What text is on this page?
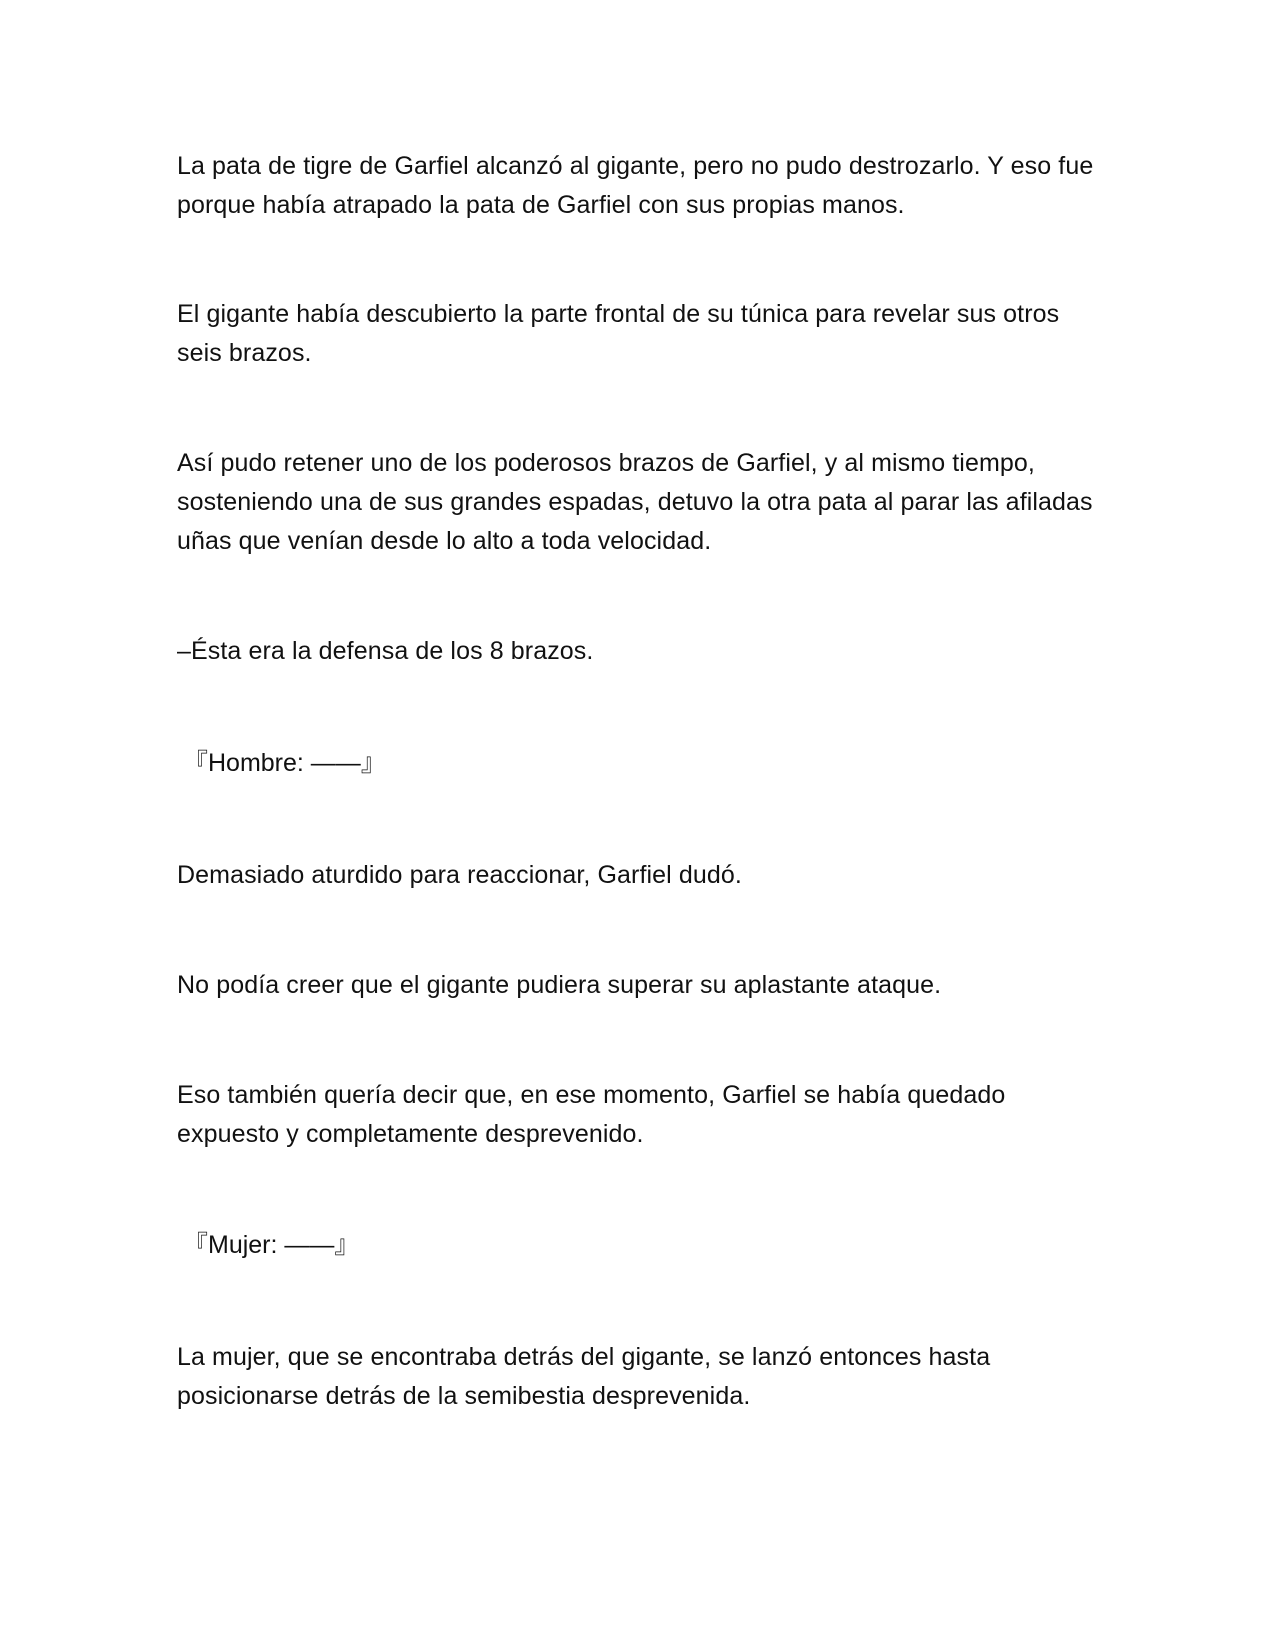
La pata de tigre de Garfiel alcanzó al gigante, pero no pudo destrozarlo. Y eso fue porque había atrapado la pata de Garfiel con sus propias manos.

El gigante había descubierto la parte frontal de su túnica para revelar sus otros seis brazos.

Así pudo retener uno de los poderosos brazos de Garfiel, y al mismo tiempo, sosteniendo una de sus grandes espadas, detuvo la otra pata al parar las afiladas uñas que venían desde lo alto a toda velocidad.

–Ésta era la defensa de los 8 brazos.

『Hombre: ――』

Demasiado aturdido para reaccionar, Garfiel dudó.

No podía creer que el gigante pudiera superar su aplastante ataque.

Eso también quería decir que, en ese momento, Garfiel se había quedado expuesto y completamente desprevenido.

『Mujer: ――』

La mujer, que se encontraba detrás del gigante, se lanzó entonces hasta posicionarse detrás de la semibestia desprevenida.
